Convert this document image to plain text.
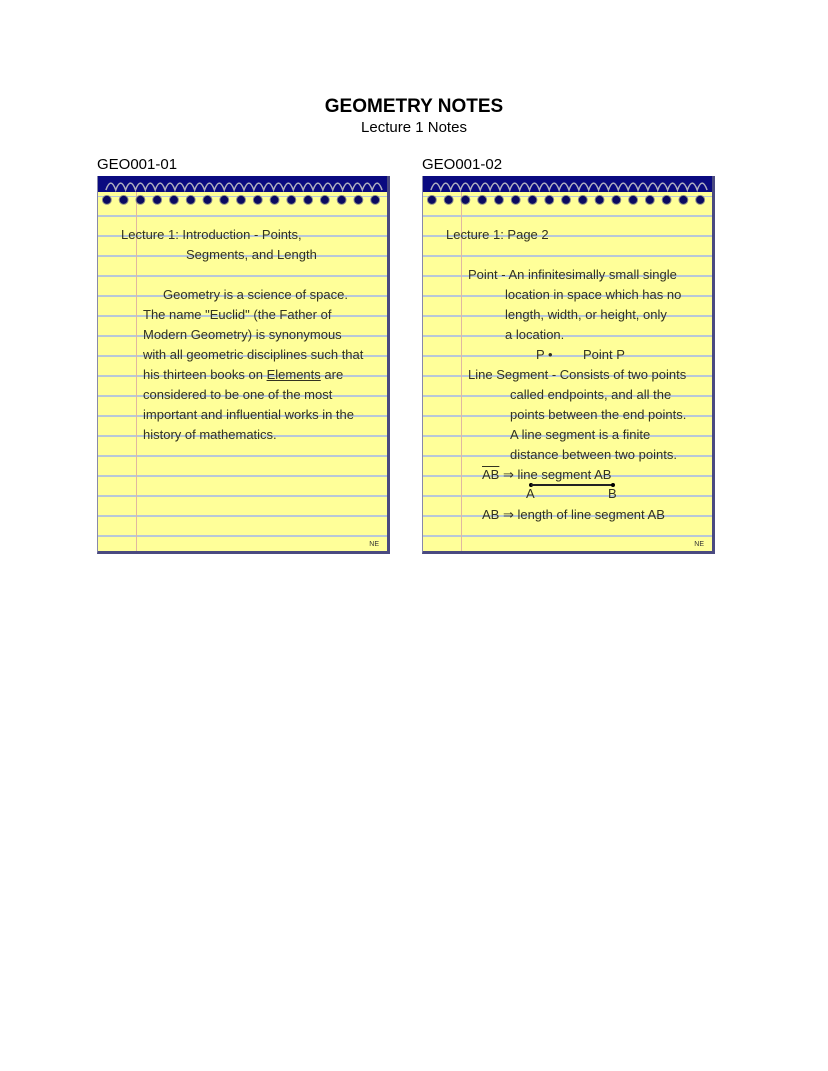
GEOMETRY NOTES
Lecture 1 Notes
GEO001-01
Lecture 1: Introduction - Points,
Segments, and Length
Geometry is a science of space.
The name "Euclid" (the Father of
Modern Geometry) is synonymous
with all geometric disciplines such that
his thirteen books on Elements are
considered to be one of the most
important and influential works in the
history of mathematics.
NE
GEO001-02
Lecture 1: Page 2
Point - An infinitesimally small single
location in space which has no
length, width, or height, only
a location.
P • Point P
Line Segment - Consists of two points
called endpoints, and all the
points between the end points.
A line segment is a finite
distance between two points.
$\overline{AB}$ ⇒ line segment AB
A	B
AB ⇒ length of line segment AB
NE
